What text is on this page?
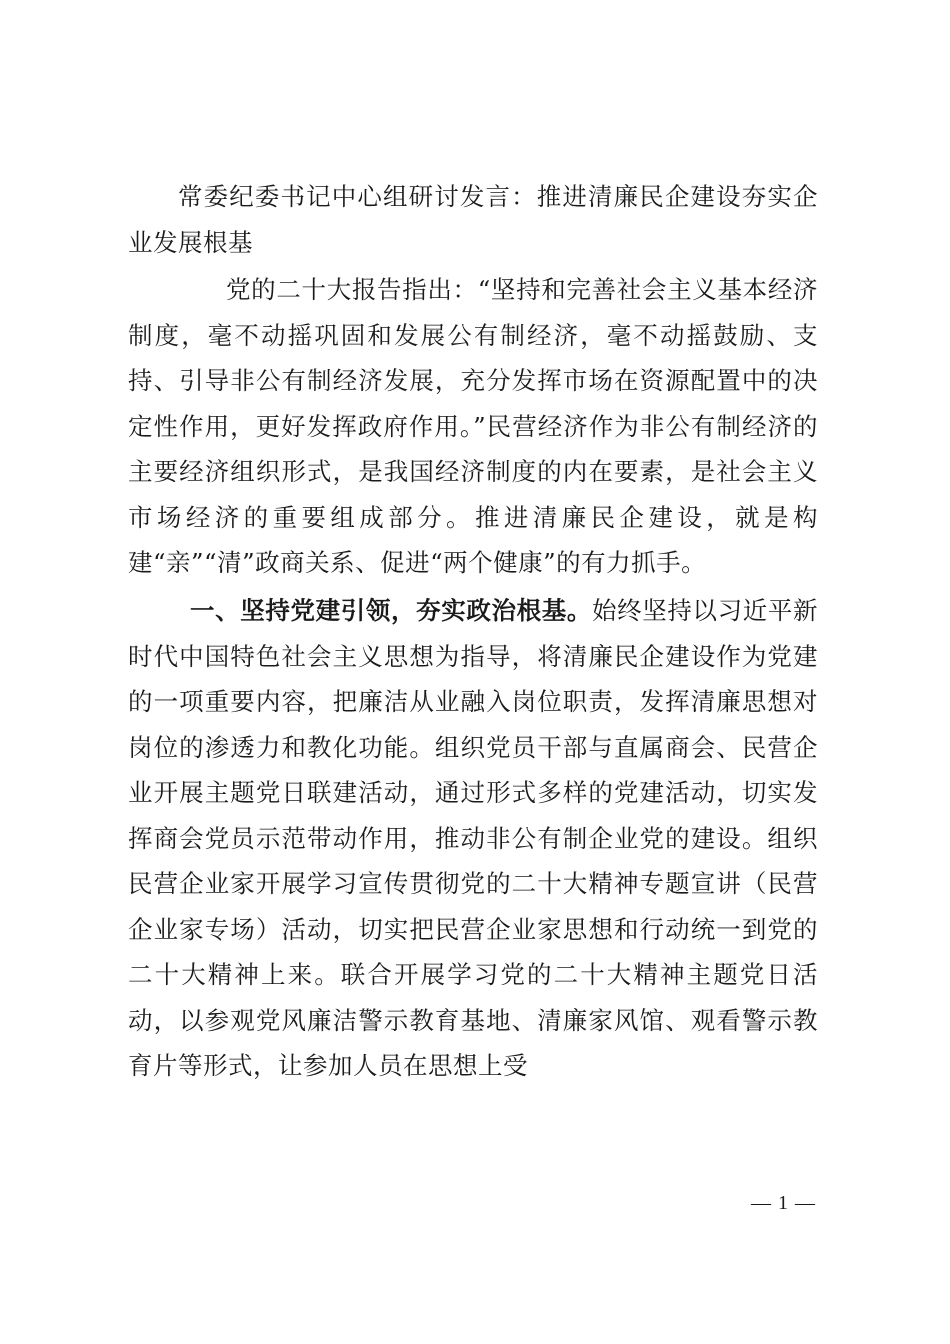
常委纪委书记中心组研讨发言：推进清廉民企建设夯实企业发展根基

党的二十大报告指出：“坚持和完善社会主义基本经济制度，毫不动摇巩固和发展公有制经济，毫不动摇鼓励、支持、引导非公有制经济发展，充分发挥市场在资源配置中的决定性作用，更好发挥政府作用。”民营经济作为非公有制经济的主要经济组织形式，是我国经济制度的内在要素，是社会主义市场经济的重要组成部分。推进清廉民企建设，就是构建“亲”“清”政商关系、促进“两个健康”的有力抓手。

一、坚持党建引领，夯实政治根基。始终坚持以习近平新时代中国特色社会主义思想为指导，将清廉民企建设作为党建的一项重要内容，把廉洁从业融入岗位职责，发挥清廉思想对岗位的渗透力和教化功能。组织党员干部与直属商会、民营企业开展主题党日联建活动，通过形式多样的党建活动，切实发挥商会党员示范带动作用，推动非公有制企业党的建设。组织民营企业家开展学习宣传贯彻党的二十大精神专题宣讲（民营企业家专场）活动，切实把民营企业家思想和行动统一到党的二十大精神上来。联合开展学习党的二十大精神主题党日活动，以参观党风廉洁警示教育基地、清廉家风馆、观看警示教育片等形式，让参加人员在思想上受

— 1 —
